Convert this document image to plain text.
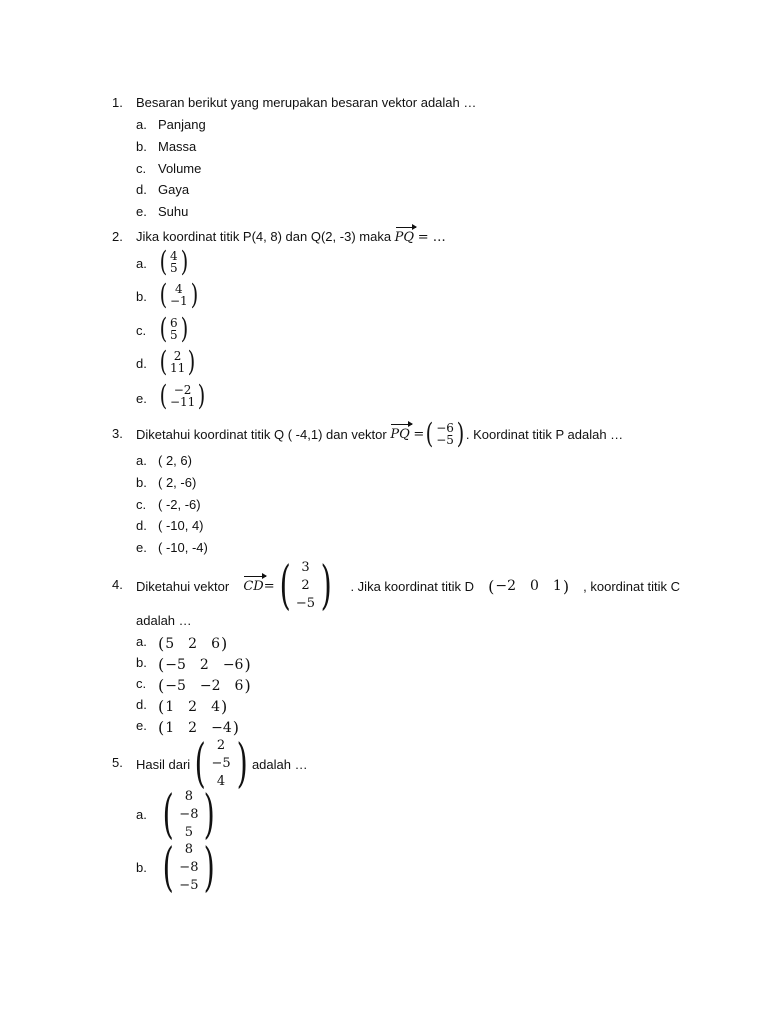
1.	Besaran berikut yang merupakan besaran vektor adalah …
a. Panjang
b. Massa
c. Volume
d. Gaya
e. Suhu
2.	Jika koordinat titik P(4, 8) dan Q(2, -3) maka PQ = …
a. ( 4
5 )
b. ( 4
−1 )
c. ( 6
5 )
d. ( 2
11 )
e. ( −2
−11 )
3.	Diketahui koordinat titik Q ( -4,1) dan vektor
PQ
= ( −6
−5 ) . Koordinat titik P adalah …
a. ( 2, 6)
b. ( 2, -6)
c. ( -2, -6)
d. ( -10, 4)
e. ( -10, -4)
4.	Diketahui vektor CD = ( 3
2
−5 ) . Jika koordinat titik D ( −2 0 1 ) , koordinat titik C
adalah …
a. ( 5 2 6 )
b. ( −5 2 −6 )
c. ( −5 −2 6 )
d. ( 1 2 4 )
e. ( 1 2 −4 )
5.	Hasil dari ( 2
−5
4 ) adalah …
a. ( 8
−8
5 )
b. ( 8
−8
−5 )
